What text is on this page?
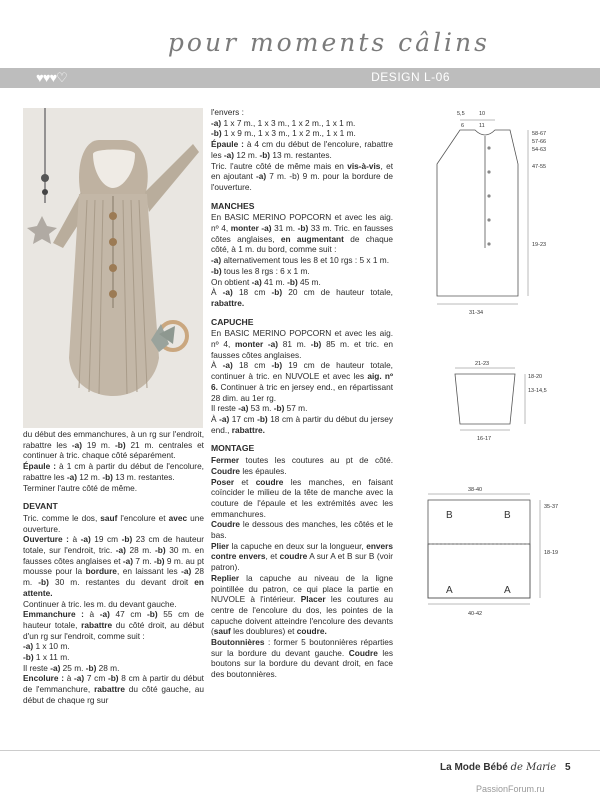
pour moments câlins
♥♥♥♡	DESIGN L-06

du début des emmanchures, à un rg sur l'endroit, rabattre les -a) 19 m. -b) 21 m. centrales et continuer à tric. chaque côté séparément.

Épaule : à 1 cm à partir du début de l'encolure, rabattre les -a) 12 m. -b) 13 m. restantes.

Terminer l'autre côté de même.

DEVANT

Tric. comme le dos, sauf l'encolure et avec une ouverture.

Ouverture : à -a) 19 cm -b) 23 cm de hauteur totale, sur l'endroit, tric. -a) 28 m. -b) 30 m. en fausses côtes anglaises et -a) 7 m. -b) 9 m. au pt mousse pour la bordure, en laissant les -a) 28 m. -b) 30 m. restantes du devant droit en attente.

Continuer à tric. les m. du devant gauche.

Emmanchure : à -a) 47 cm -b) 55 cm de hauteur totale, rabattre du côté droit, au début d'un rg sur l'endroit, comme suit :

-a) 1 x 10 m.

-b) 1 x 11 m.

Il reste -a) 25 m. -b) 28 m.

Encolure : à -a) 7 cm -b) 8 cm à partir du début de l'emmanchure, rabattre du côté gauche, au début de chaque rg sur

l'envers :

-a) 1 x 7 m., 1 x 3 m., 1 x 2 m., 1 x 1 m.

-b) 1 x 9 m., 1 x 3 m., 1 x 2 m., 1 x 1 m.

Épaule : à 4 cm du début de l'encolure, rabattre les -a) 12 m. -b) 13 m. restantes.

Tric. l'autre côté de même mais en vis-à-vis, et en ajoutant -a) 7 m. -b) 9 m. pour la bordure de l'ouverture.

MANCHES

En BASIC MERINO POPCORN et avec les aig. nº 4, monter -a) 31 m. -b) 33 m. Tric. en fausses côtes anglaises, en augmentant de chaque côté, à 1 m. du bord, comme suit :

-a) alternativement tous les 8 et 10 rgs : 5 x 1 m.

-b) tous les 8 rgs : 6 x 1 m.

On obtient -a) 41 m. -b) 45 m.

À -a) 18 cm -b) 20 cm de hauteur totale, rabattre.

CAPUCHE

En BASIC MERINO POPCORN et avec les aig. nº 4, monter -a) 81 m. -b) 85 m. et tric. en fausses côtes anglaises.

À -a) 18 cm -b) 19 cm de hauteur totale, continuer à tric. en NUVOLE et avec les aig. nº 6. Continuer à tric en jersey end., en répartissant 28 dim. au 1er rg.

Il reste -a) 53 m. -b) 57 m.

À -a) 17 cm -b) 18 cm à partir du début du jersey end., rabattre.

MONTAGE

Fermer toutes les coutures au pt de côté. Coudre les épaules.

Poser et coudre les manches, en faisant coïncider le milieu de la tête de manche avec la couture de l'épaule et les extrémités avec les emmanchures.

Coudre le dessous des manches, les côtés et le bas.

Plier la capuche en deux sur la longueur, envers contre envers, et coudre A sur A et B sur B (voir patron).

Replier la capuche au niveau de la ligne pointillée du patron, ce qui place la partie en NUVOLE à l'intérieur. Placer les coutures au centre de l'encolure du dos, les pointes de la capuche doivent atteindre l'encolure des devants (sauf les doublures) et coudre.

Boutonnières : former 5 boutonnières réparties sur la bordure du devant gauche. Coudre les boutons sur la bordure du devant droit, en face des boutonnières.

5,5
6
10
11
58-67
57-66
54-63
47-55
19-23
31-34
21-23
18-20
13-14,5
16-17
38-40
35-37
18-19
40-42
B	B
A	A
La Mode Bébé de Marie 5
PassionForum.ru
